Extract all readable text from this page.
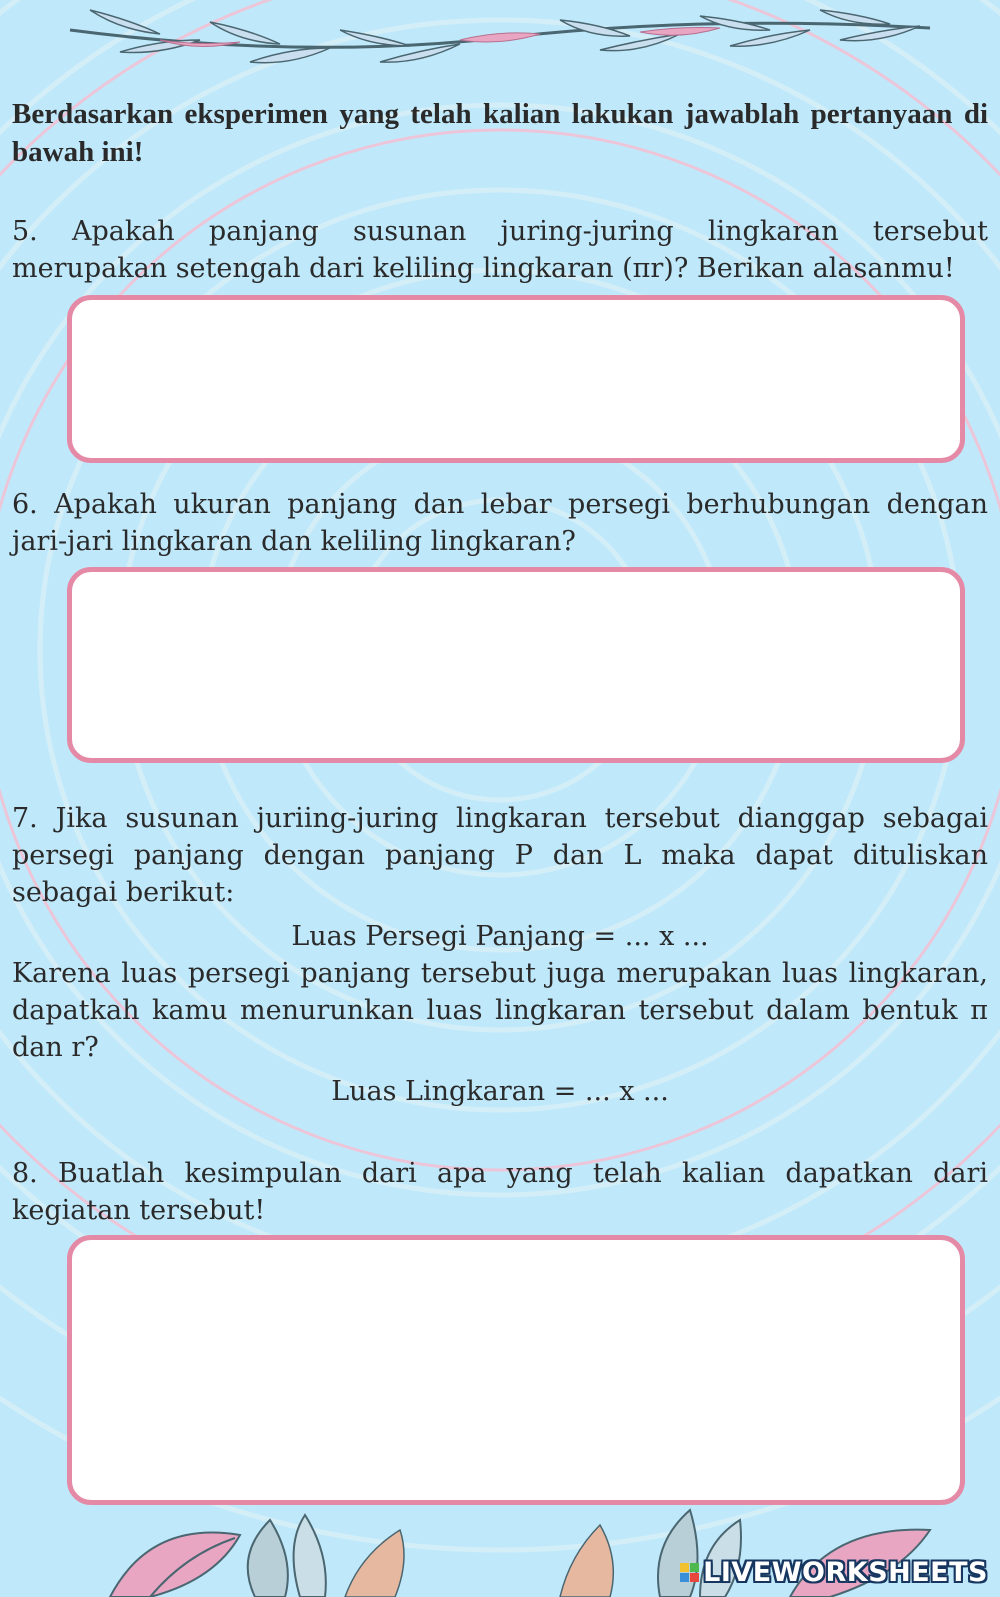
Berdasarkan eksperimen yang telah kalian lakukan jawablah pertanyaan di bawah ini!

5. Apakah panjang susunan juring-juring lingkaran tersebut merupakan setengah dari keliling lingkaran (πr)? Berikan alasanmu!

6. Apakah ukuran panjang dan lebar persegi berhubungan dengan jari-jari lingkaran dan keliling lingkaran?

7. Jika susunan juriing-juring lingkaran tersebut dianggap sebagai persegi panjang dengan panjang P dan L maka dapat dituliskan sebagai berikut:

Luas Persegi Panjang = ... x ...

Karena luas persegi panjang tersebut juga merupakan luas lingkaran, dapatkah kamu menurunkan luas lingkaran tersebut dalam bentuk π dan r?

Luas Lingkaran = ... x ...

8. Buatlah kesimpulan dari apa yang telah kalian dapatkan dari kegiatan tersebut!

LIVEWORKSHEETS
